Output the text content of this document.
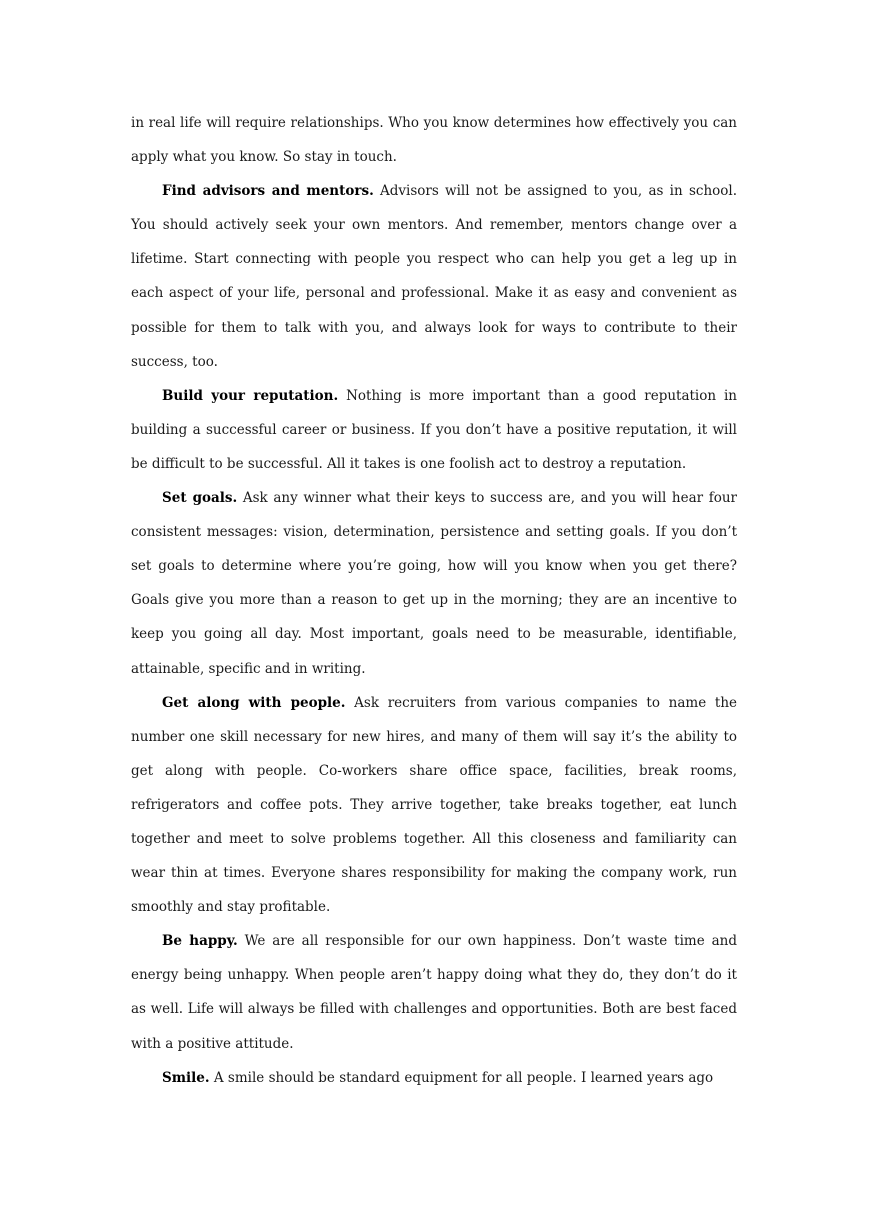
in real life will require relationships. Who you know determines how effectively you can apply what you know. So stay in touch.

Find advisors and mentors. Advisors will not be assigned to you, as in school. You should actively seek your own mentors. And remember, mentors change over a lifetime. Start connecting with people you respect who can help you get a leg up in each aspect of your life, personal and professional. Make it as easy and convenient as possible for them to talk with you, and always look for ways to contribute to their success, too.

Build your reputation. Nothing is more important than a good reputation in building a successful career or business. If you don’t have a positive reputation, it will be difficult to be successful. All it takes is one foolish act to destroy a reputation.

Set goals. Ask any winner what their keys to success are, and you will hear four consistent messages: vision, determination, persistence and setting goals. If you don’t set goals to determine where you’re going, how will you know when you get there? Goals give you more than a reason to get up in the morning; they are an incentive to keep you going all day. Most important, goals need to be measurable, identifiable, attainable, specific and in writing.

Get along with people. Ask recruiters from various companies to name the number one skill necessary for new hires, and many of them will say it’s the ability to get along with people. Co-workers share office space, facilities, break rooms, refrigerators and coffee pots. They arrive together, take breaks together, eat lunch together and meet to solve problems together. All this closeness and familiarity can wear thin at times. Everyone shares responsibility for making the company work, run smoothly and stay profitable.

Be happy. We are all responsible for our own happiness. Don’t waste time and energy being unhappy. When people aren’t happy doing what they do, they don’t do it as well. Life will always be filled with challenges and opportunities. Both are best faced with a positive attitude.

Smile. A smile should be standard equipment for all people. I learned years ago
